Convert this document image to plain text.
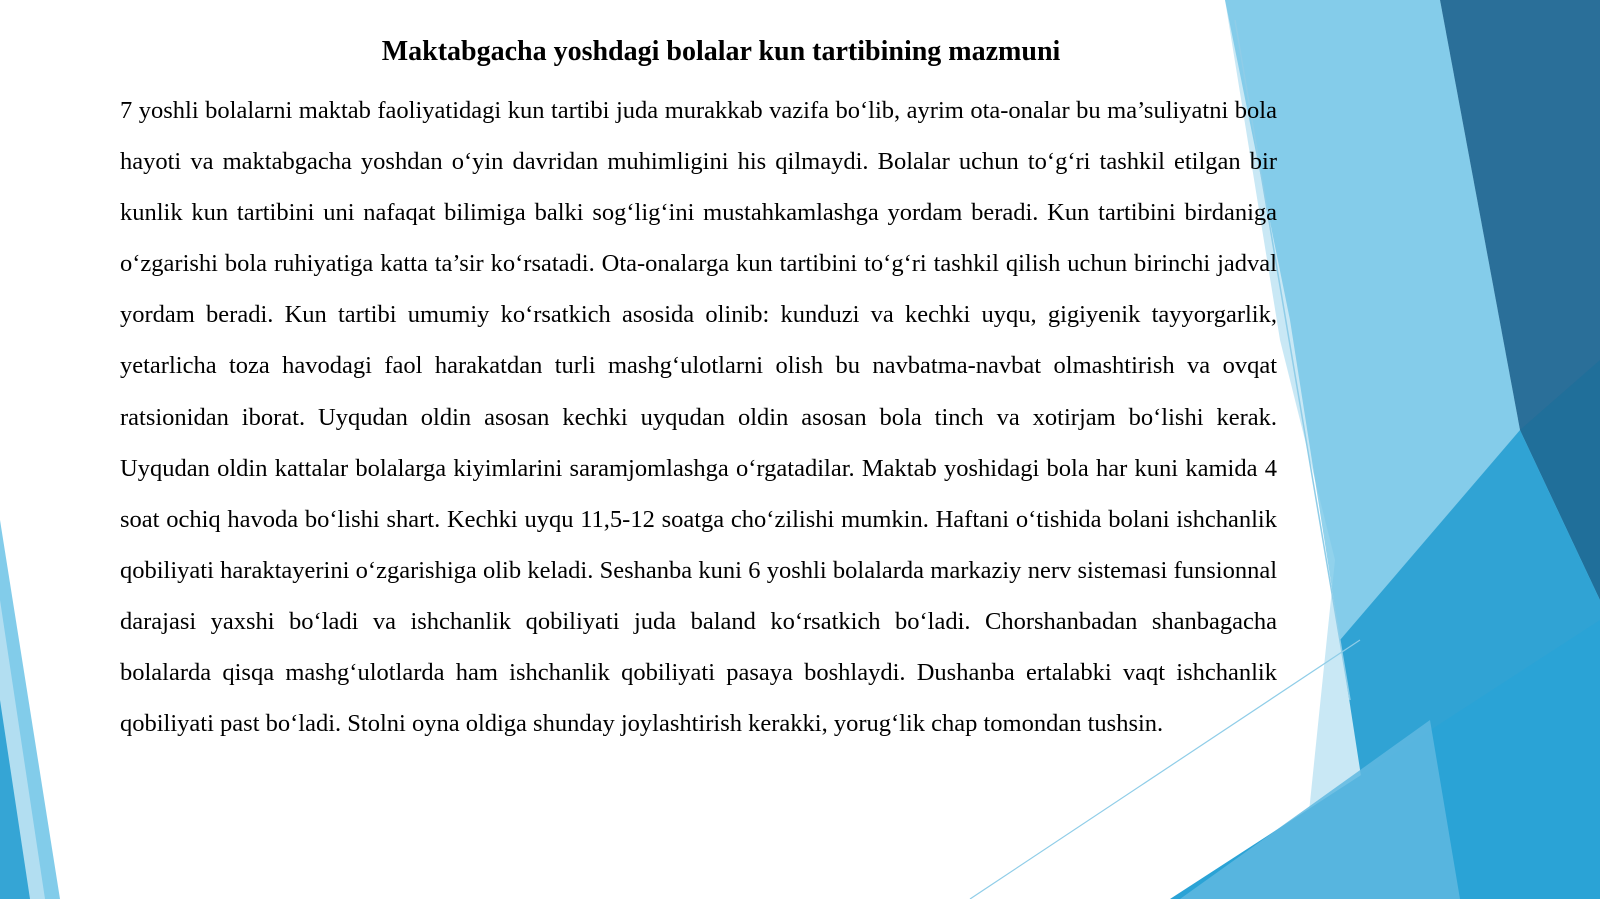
Maktabgacha yoshdagi bolalar kun tartibining mazmuni

7 yoshli bolalarni maktab faoliyatidagi kun tartibi juda murakkab vazifa bo‘lib, ayrim ota-onalar bu ma’suliyatni bola hayoti va maktabgacha yoshdan o‘yin davridan muhimligini his qilmaydi. Bolalar uchun to‘g‘ri tashkil etilgan bir kunlik kun tartibini uni nafaqat bilimiga balki sog‘lig‘ini mustahkamlashga yordam beradi. Kun tartibini birdaniga o‘zgarishi bola ruhiyatiga katta ta’sir ko‘rsatadi. Ota-onalarga kun tartibini to‘g‘ri tashkil qilish uchun birinchi jadval yordam beradi. Kun tartibi umumiy ko‘rsatkich asosida olinib: kunduzi va kechki uyqu, gigiyenik tayyorgarlik, yetarlicha toza havodagi faol harakatdan turli mashg‘ulotlarni olish bu navbatma-navbat olmashtirish va ovqat ratsionidan iborat. Uyqudan oldin asosan kechki uyqudan oldin asosan bola tinch va xotirjam bo‘lishi kerak. Uyqudan oldin kattalar bolalarga kiyimlarini saramjomlashga o‘rgatadilar. Maktab yoshidagi bola har kuni kamida 4 soat ochiq havoda bo‘lishi shart. Kechki uyqu 11,5-12 soatga cho‘zilishi mumkin. Haftani o‘tishida bolani ishchanlik qobiliyati haraktayerini o‘zgarishiga olib keladi. Seshanba kuni 6 yoshli bolalarda markaziy nerv sistemasi funsionnal darajasi yaxshi bo‘ladi va ishchanlik qobiliyati juda baland ko‘rsatkich bo‘ladi. Chorshanbadan shanbagacha bolalarda qisqa mashg‘ulotlarda ham ishchanlik qobiliyati pasaya boshlaydi. Dushanba ertalabki vaqt ishchanlik qobiliyati past bo‘ladi. Stolni oyna oldiga shunday joylashtirish kerakki, yorug‘lik chap tomondan tushsin.
